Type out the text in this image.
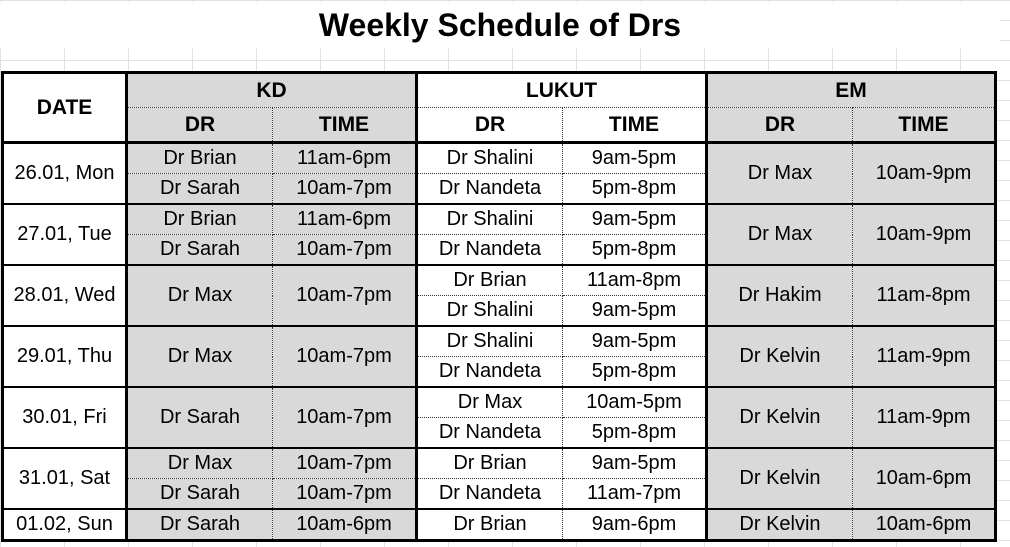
Weekly Schedule of Drs
DATE	KD		LUKUT		EM	
	DR	TIME	DR	TIME	DR	TIME
26.01, Mon	Dr Brian	11am-6pm	Dr Shalini	9am-5pm	Dr Max	10am-9pm
	Dr Sarah	10am-7pm	Dr Nandeta	5pm-8pm		
27.01, Tue	Dr Brian	11am-6pm	Dr Shalini	9am-5pm	Dr Max	10am-9pm
	Dr Sarah	10am-7pm	Dr Nandeta	5pm-8pm		
28.01, Wed	Dr Max	10am-7pm	Dr Brian	11am-8pm	Dr Hakim	11am-8pm
			Dr Shalini	9am-5pm		
29.01, Thu	Dr Max	10am-7pm	Dr Shalini	9am-5pm	Dr Kelvin	11am-9pm
			Dr Nandeta	5pm-8pm		
30.01, Fri	Dr Sarah	10am-7pm	Dr Max	10am-5pm	Dr Kelvin	11am-9pm
			Dr Nandeta	5pm-8pm		
31.01, Sat	Dr Max	10am-7pm	Dr Brian	9am-5pm	Dr Kelvin	10am-6pm
	Dr Sarah	10am-7pm	Dr Nandeta	11am-7pm		
01.02, Sun	Dr Sarah	10am-6pm	Dr Brian	9am-6pm	Dr Kelvin	10am-6pm
